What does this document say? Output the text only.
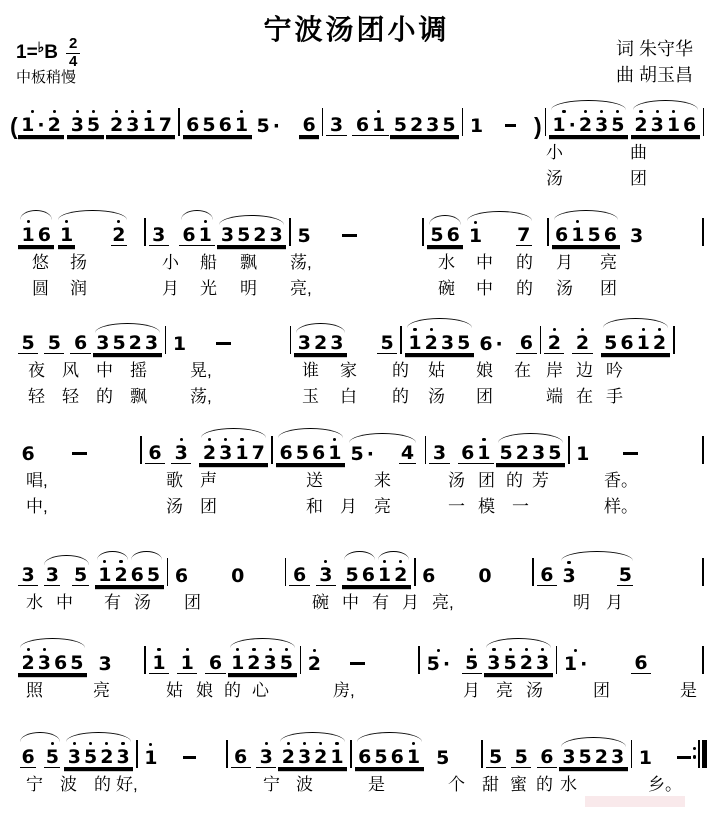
宁波汤团小调
1= ♭ B $\frac{2}{4}$
中板稍慢
词 朱守华
曲 胡玉昌
( 1 · 2 3 5 2 3 1 7 6 5 6 1 5 · 6 3 6 1 5 2 3 5 1 ) 1 · 2 3 5 2 3 1 6
小	曲
汤	团
1 6 1 2 3 6 1 3 5 2 3 5	5 6 1 7 6 1 5 6 3
悠 扬	小 船 飘 荡,	水 中 的 月 亮
圆 润	月 光 明 亮,	碗 中 的 汤 团
5 5 6 3 5 2 3 1	3 2 3 5 1 2 3 5 6 · 6 2 2 5 6 1 2
夜 风 中 摇	晃,	谁 家 的 姑 娘 在 岸 边 吟
轻 轻 的 飘	荡,	玉 白 的 汤 团	端 在 手
6	6 3 2 3 1 7 6 5 6 1 5 · 4 3 6 1 5 2 3 5 1
唱,	歌 声	送	来	汤 团 的 芳	香。
中,	汤 团	和 月 亮	一 模 一	样。
3 3 5 1 2 6 5 6 0	6 3 5 6 1 2 6 0	6 3 5
水 中 有 汤 团	碗 中 有 月 亮,	明 月
2 3 6 5 3 1 1 6 1 2 3 5 2	5 · 5 3 5 2 3 1 · 6
照	亮	姑 娘 的 心	房,	月 亮 汤	团	是
6 5 3 5 2 3 1	6 3 2 3 2 1 6 5 6 1 5 5 5 6 3 5 2 3 1
宁 波 的 好,	宁 波	是	个 甜 蜜 的 水	乡。
